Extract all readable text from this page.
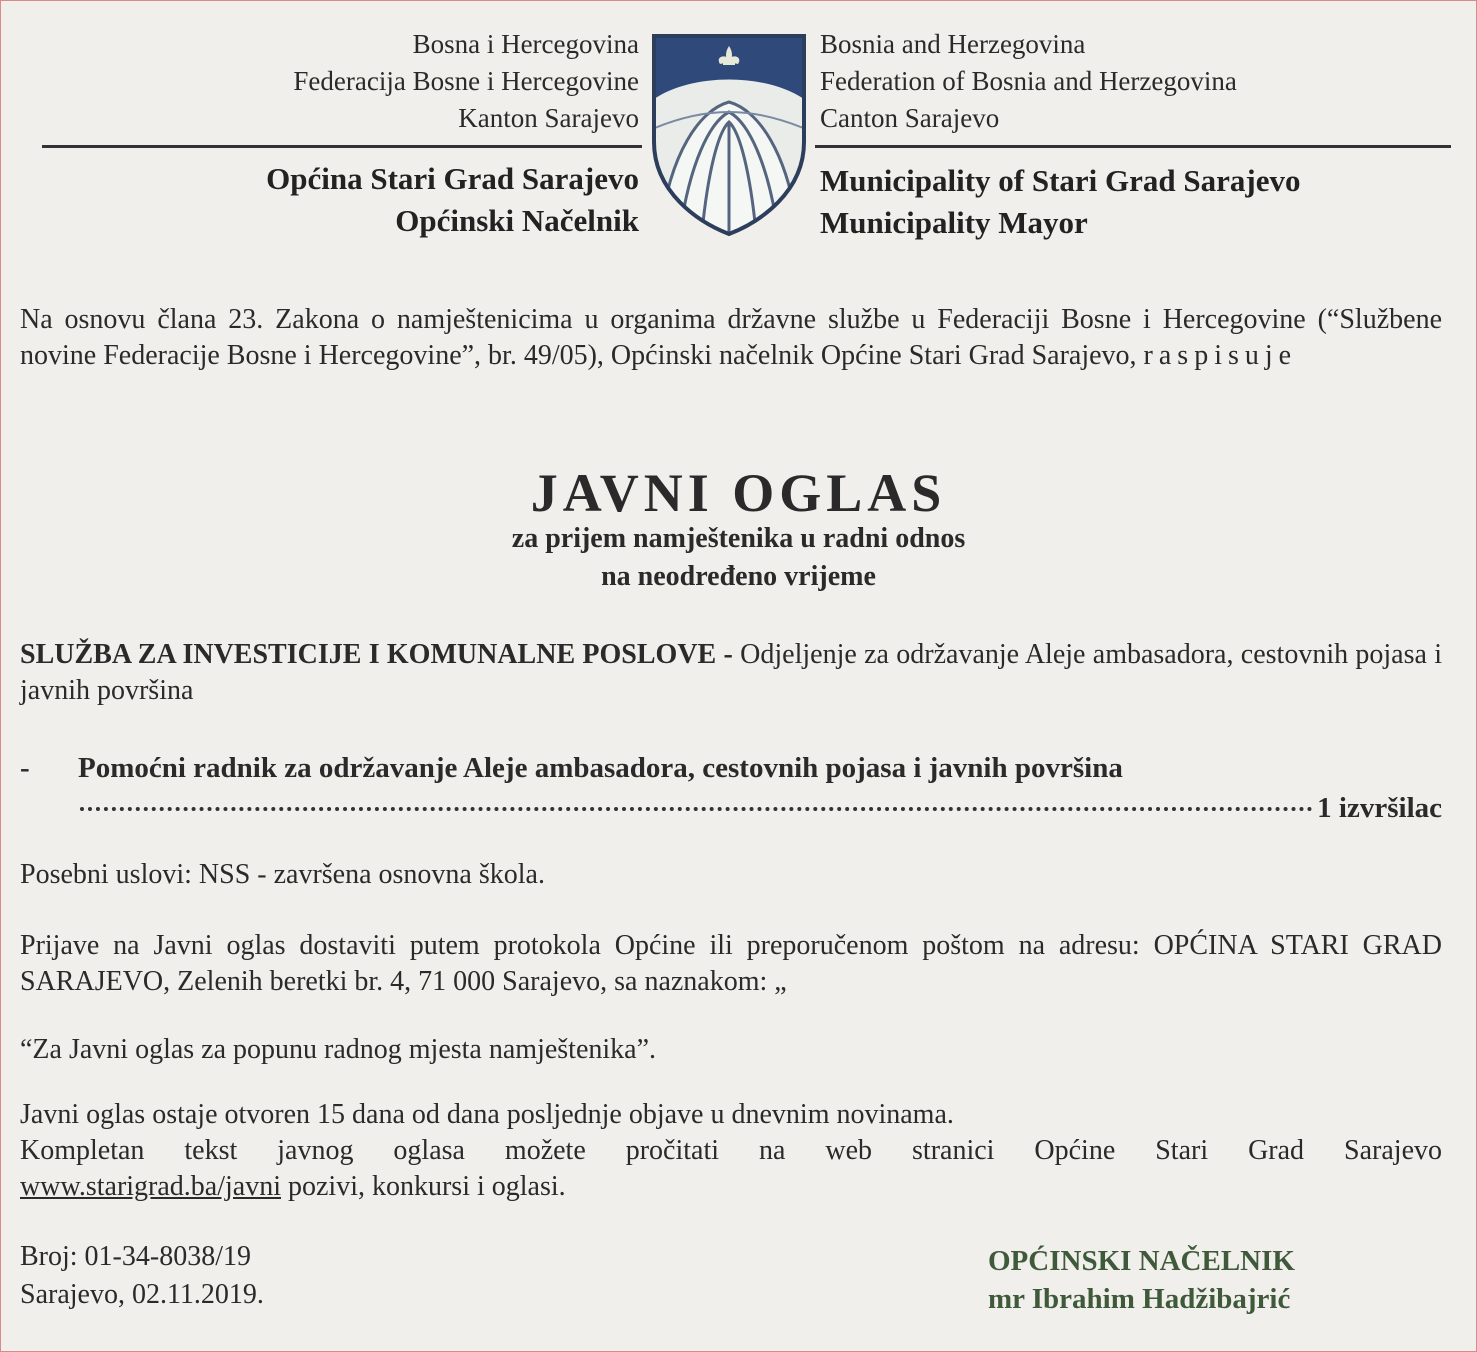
Bosna i Hercegovina
Federacija Bosne i Hercegovine
Kanton Sarajevo
Bosnia and Herzegovina
Federation of Bosnia and Herzegovina
Canton Sarajevo
Općina Stari Grad Sarajevo
Općinski Načelnik
Municipality of Stari Grad Sarajevo
Municipality Mayor
Na osnovu člana 23. Zakona o namještenicima u organima državne službe u Federaciji Bosne i Hercegovine (“Službene novine Federacije Bosne i Hercegovine”, br. 49/05), Općinski načelnik Općine Stari Grad Sarajevo, raspisuje
JAVNI OGLAS
za prijem namještenika u radni odnos
na neodređeno vrijeme
SLUŽBA ZA INVESTICIJE I KOMUNALNE POSLOVE - Odjeljenje za održavanje Aleje ambasadora, cestovnih pojasa i javnih površina
- Pomoćni radnik za održavanje Aleje ambasadora, cestovnih pojasa i javnih površina
1 izvršilac
Posebni uslovi: NSS - završena osnovna škola.
Prijave na Javni oglas dostaviti putem protokola Općine ili preporučenom poštom na adresu: OPĆINA STARI GRAD SARAJEVO, Zelenih beretki br. 4, 71 000 Sarajevo, sa naznakom: „
“Za Javni oglas za popunu radnog mjesta namještenika”.
Javni oglas ostaje otvoren 15 dana od dana posljednje objave u dnevnim novinama.
Kompletan tekst javnog oglasa možete pročitati na web stranici Općine Stari Grad Sarajevo
www.starigrad.ba/javni pozivi, konkursi i oglasi.
Broj: 01-34-8038/19
Sarajevo, 02.11.2019.
OPĆINSKI NAČELNIK
mr Ibrahim Hadžibajrić
